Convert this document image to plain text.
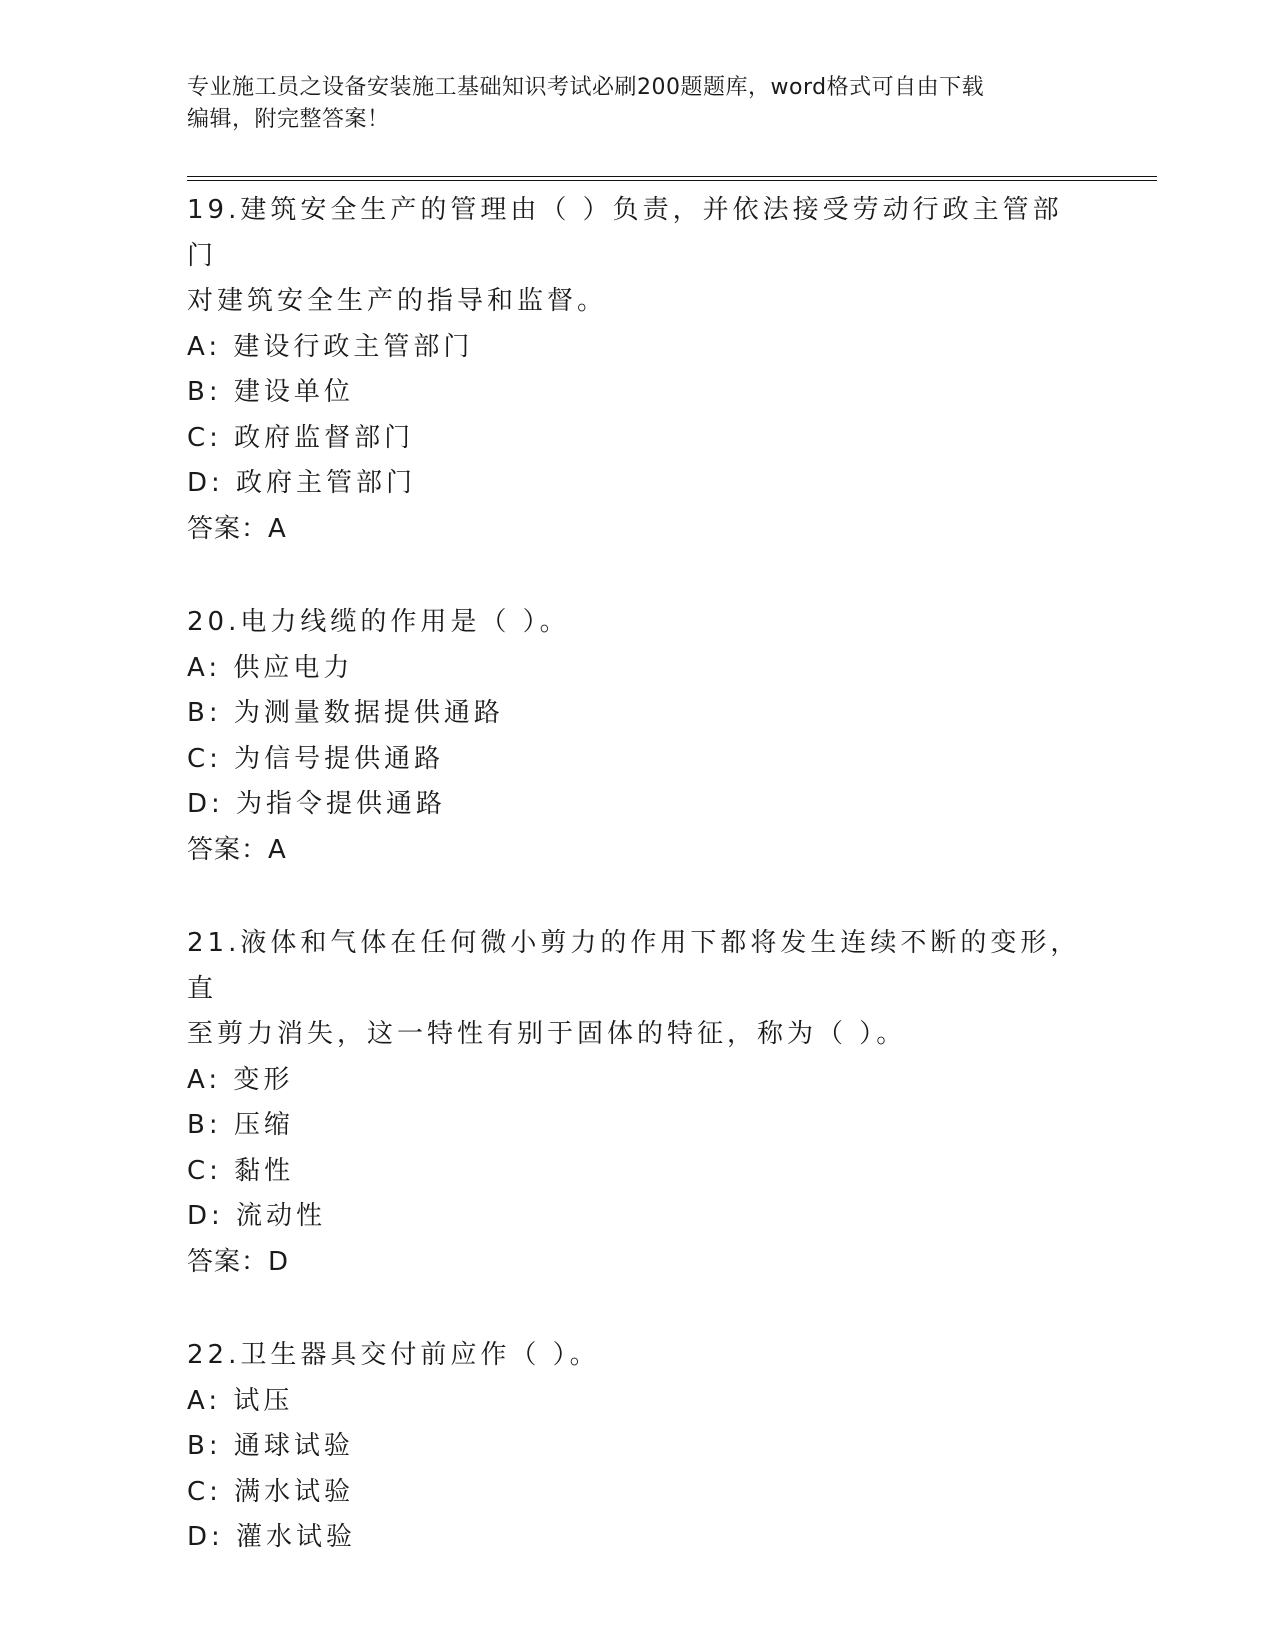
专业施工员之设备安装施工基础知识考试必刷200题题库，word格式可自由下载
编辑，附完整答案！
19.建筑安全生产的管理由（ ）负责，并依法接受劳动行政主管部门
对建筑安全生产的指导和监督。
A: 建设行政主管部门
B: 建设单位
C: 政府监督部门
D: 政府主管部门
答案：A
20.电力线缆的作用是（ ）。
A: 供应电力
B: 为测量数据提供通路
C: 为信号提供通路
D: 为指令提供通路
答案：A
21.液体和气体在任何微小剪力的作用下都将发生连续不断的变形，直
至剪力消失，这一特性有别于固体的特征，称为（ ）。
A: 变形
B: 压缩
C: 黏性
D: 流动性
答案：D
22.卫生器具交付前应作（ ）。
A: 试压
B: 通球试验
C: 满水试验
D: 灌水试验
